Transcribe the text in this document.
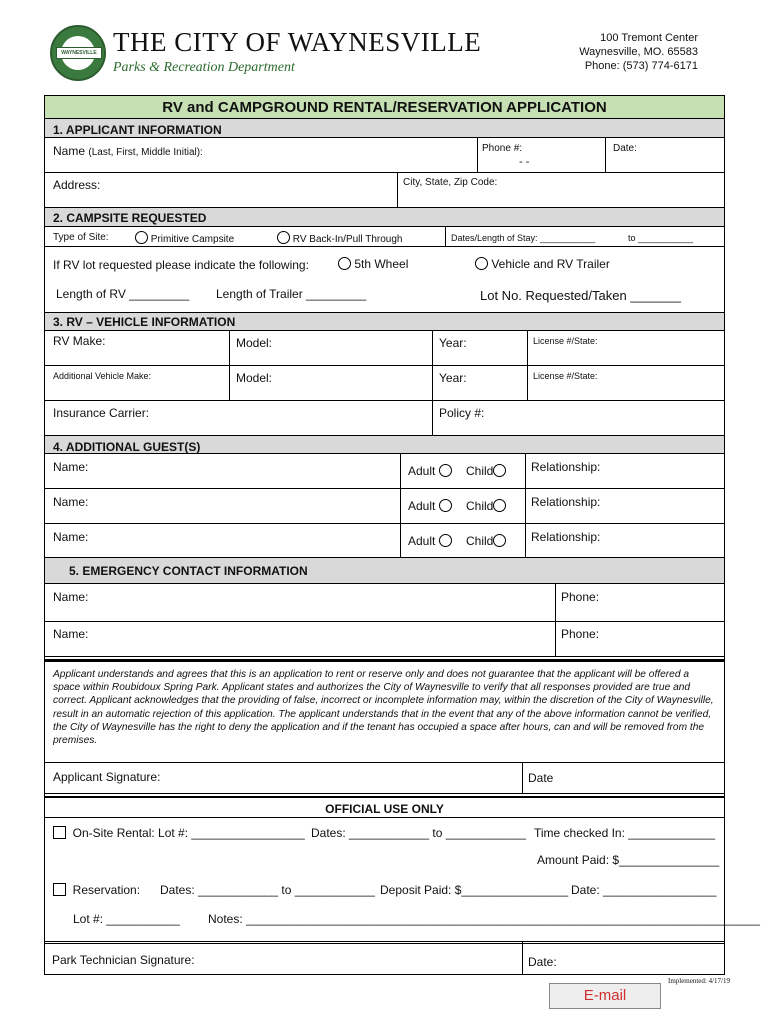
WAYNESVILLE THE CITY OF WAYNESVILLE
Parks & Recreation Department
100 Tremont Center
Waynesville, MO. 65583
Phone: (573) 774-6171
RV and CAMPGROUND RENTAL/RESERVATION APPLICATION
1. APPLICANT INFORMATION
Name (Last, First, Middle Initial):	Phone #:
- -
Date:
Address:	City, State, Zip Code:
2. CAMPSITE REQUESTED
Type of Site:	Primitive Campsite	RV Back-In/Pull Through	Dates/Length of Stay: ___________	to ___________
If RV lot requested please indicate the following:	5th Wheel	Vehicle and RV Trailer
Length of RV _________ Length of Trailer _________	Lot No. Requested/Taken _______
3. RV – VEHICLE INFORMATION
RV Make:	Model:	Year:	License #/State:
Additional Vehicle Make:	Model:	Year:	License #/State:
Insurance Carrier:	Policy #:
4. ADDITIONAL GUEST(S)
Name:	Adult	Child	Relationship:
Name:	Adult	Child	Relationship:
Name:	Adult	Child	Relationship:
5. EMERGENCY CONTACT INFORMATION
Name:	Phone:
Name:	Phone:
Applicant understands and agrees that this is an application to rent or reserve only and does not guarantee that the applicant will be offered a space within Roubidoux Spring Park. Applicant states and authorizes the City of Waynesville to verify that all responses provided are true and correct. Applicant acknowledges that the providing of false, incorrect or incomplete information may, within the discretion of the City of Waynesville, result in an automatic rejection of this application. The applicant understands that in the event that any of the above information cannot be verified, the City of Waynesville has the right to deny the application and if the tenant has occupied a space after hours, can and will be removed from the premises.
Applicant Signature:	Date
OFFICIAL USE ONLY
On-Site Rental: Lot #: _________________ Dates: ____________ to ____________ Time checked In: _____________
Amount Paid: $_______________
Reservation: Dates: ____________ to ____________ Deposit Paid: $________________ Date: _________________
Lot #: ___________ Notes: _____________________________________________________________________________
Park Technician Signature:	Date:
Implemented: 4/17/19
E-mail
